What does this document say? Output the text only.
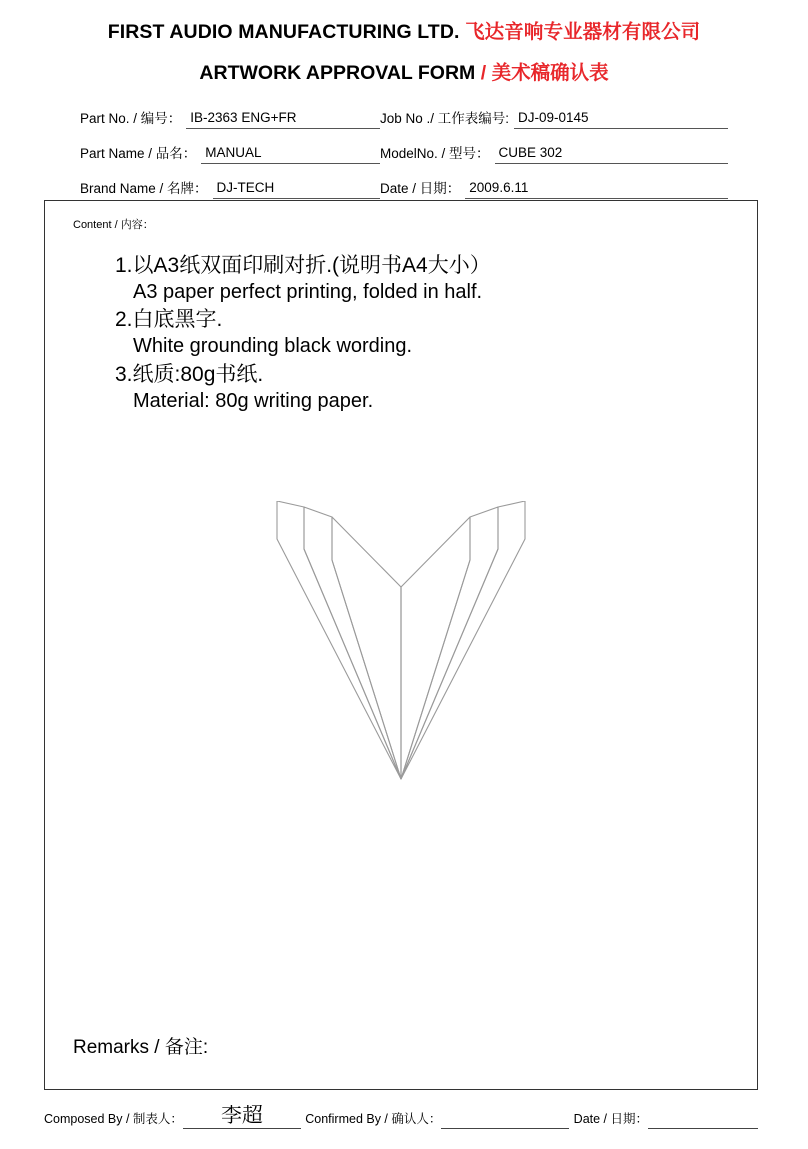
FIRST AUDIO MANUFACTURING LTD. 飞达音响专业器材有限公司
ARTWORK APPROVAL FORM / 美术稿确认表
Part No. / 编号： IB-2363 ENG+FR	Job No ./ 工作表编号: DJ-09-0145
Part Name / 品名： MANUAL	ModelNo. / 型号： CUBE 302
Brand Name / 名牌： DJ-TECH	Date / 日期： 2009.6.11
Content / 内容：
1.以A3纸双面印刷对折.(说明书A4大小）
A3 paper perfect printing, folded in half.
2.白底黑字.
White grounding black wording.
3.纸质:80g书纸.
Material: 80g writing paper.
Remarks / 备注:
Composed By / 制表人：	李超	Confirmed By / 确认人：	Date / 日期：
